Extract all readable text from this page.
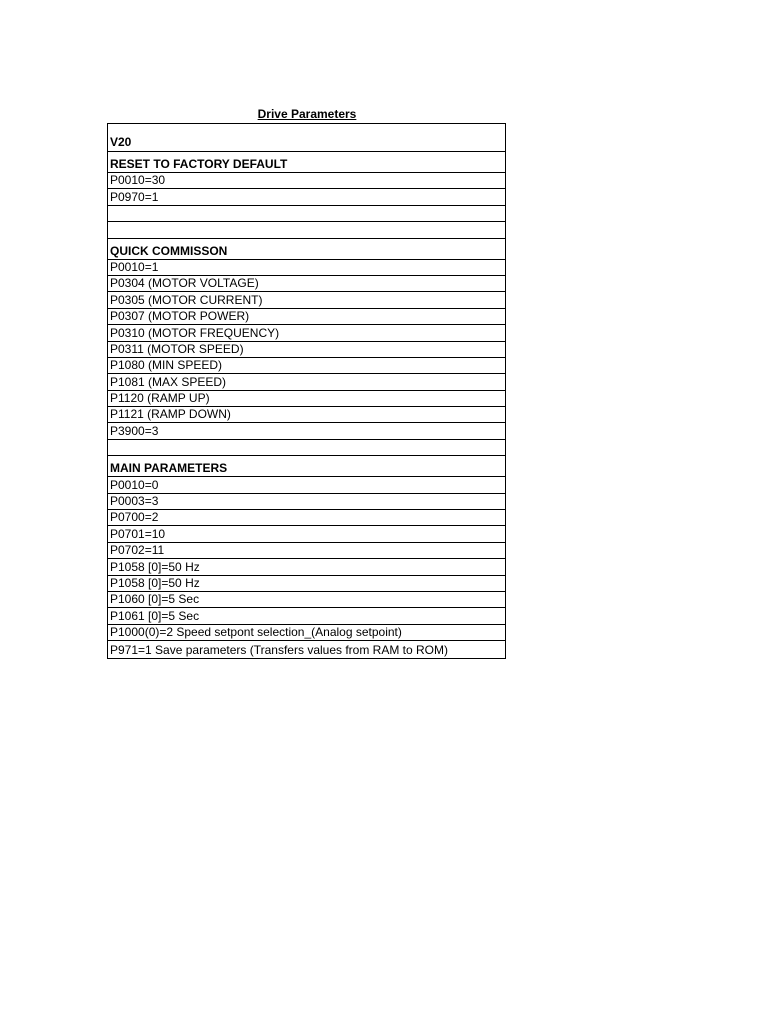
Drive Parameters
V20
RESET TO FACTORY DEFAULT
P0010=30
P0970=1
QUICK COMMISSON
P0010=1
P0304 (MOTOR VOLTAGE)
P0305 (MOTOR CURRENT)
P0307 (MOTOR POWER)
P0310 (MOTOR FREQUENCY)
P0311 (MOTOR SPEED)
P1080 (MIN SPEED)
P1081 (MAX SPEED)
P1120 (RAMP UP)
P1121 (RAMP DOWN)
P3900=3
MAIN PARAMETERS
P0010=0
P0003=3
P0700=2
P0701=10
P0702=11
P1058 [0]=50 Hz
P1058 [0]=50 Hz
P1060 [0]=5 Sec
P1061 [0]=5 Sec
P1000(0)=2 Speed setpont selection_(Analog setpoint)
P971=1 Save parameters (Transfers values from RAM to ROM)
